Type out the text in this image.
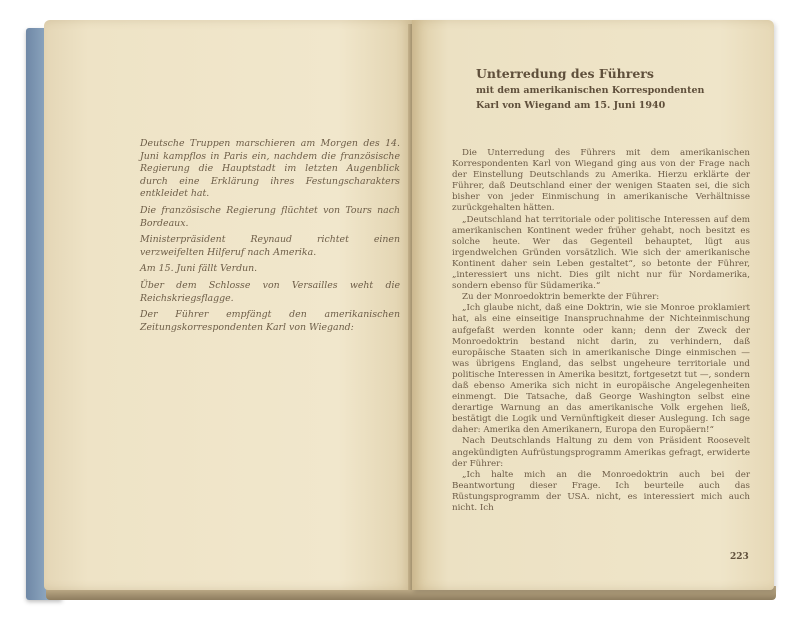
Deutsche Truppen marschieren am Morgen des 14. Juni kampflos in Paris ein, nachdem die französische Regierung die Hauptstadt im letzten Augenblick durch eine Erklärung ihres Festungscharakters entkleidet hat.

Die französische Regierung flüchtet von Tours nach Bordeaux.

Ministerpräsident Reynaud richtet einen verzweifelten Hilferuf nach Amerika.

Am 15. Juni fällt Verdun.

Über dem Schlosse von Versailles weht die Reichskriegsflagge.

Der Führer empfängt den amerikanischen Zeitungskorrespondenten Karl von Wiegand:

Unterredung des Führers
mit dem amerikanischen Korrespondenten
Karl von Wiegand am 15. Juni 1940

Die Unterredung des Führers mit dem amerikanischen Korrespondenten Karl von Wiegand ging aus von der Frage nach der Einstellung Deutschlands zu Amerika. Hierzu erklärte der Führer, daß Deutschland einer der wenigen Staaten sei, die sich bisher von jeder Einmischung in amerikanische Verhältnisse zurückgehalten hätten.

„Deutschland hat territoriale oder politische Interessen auf dem amerikanischen Kontinent weder früher gehabt, noch besitzt es solche heute. Wer das Gegenteil behauptet, lügt aus irgendwelchen Gründen vorsätzlich. Wie sich der amerikanische Kontinent daher sein Leben gestaltet“, so betonte der Führer, „interessiert uns nicht. Dies gilt nicht nur für Nordamerika, sondern ebenso für Südamerika.“

Zu der Monroedoktrin bemerkte der Führer:

„Ich glaube nicht, daß eine Doktrin, wie sie Monroe proklamiert hat, als eine einseitige Inanspruchnahme der Nichteinmischung aufgefaßt werden konnte oder kann; denn der Zweck der Monroedoktrin bestand nicht darin, zu verhindern, daß europäische Staaten sich in amerikanische Dinge einmischen — was übrigens England, das selbst ungeheure territoriale und politische Interessen in Amerika besitzt, fortgesetzt tut —, sondern daß ebenso Amerika sich nicht in europäische Angelegenheiten einmengt. Die Tatsache, daß George Washington selbst eine derartige Warnung an das amerikanische Volk ergehen ließ, bestätigt die Logik und Vernünftigkeit dieser Auslegung. Ich sage daher: Amerika den Amerikanern, Europa den Europäern!“

Nach Deutschlands Haltung zu dem von Präsident Roosevelt angekündigten Aufrüstungsprogramm Amerikas gefragt, erwiderte der Führer:

„Ich halte mich an die Monroedoktrin auch bei der Beantwortung dieser Frage. Ich beurteile auch das Rüstungsprogramm der USA. nicht, es interessiert mich auch nicht. Ich

223
